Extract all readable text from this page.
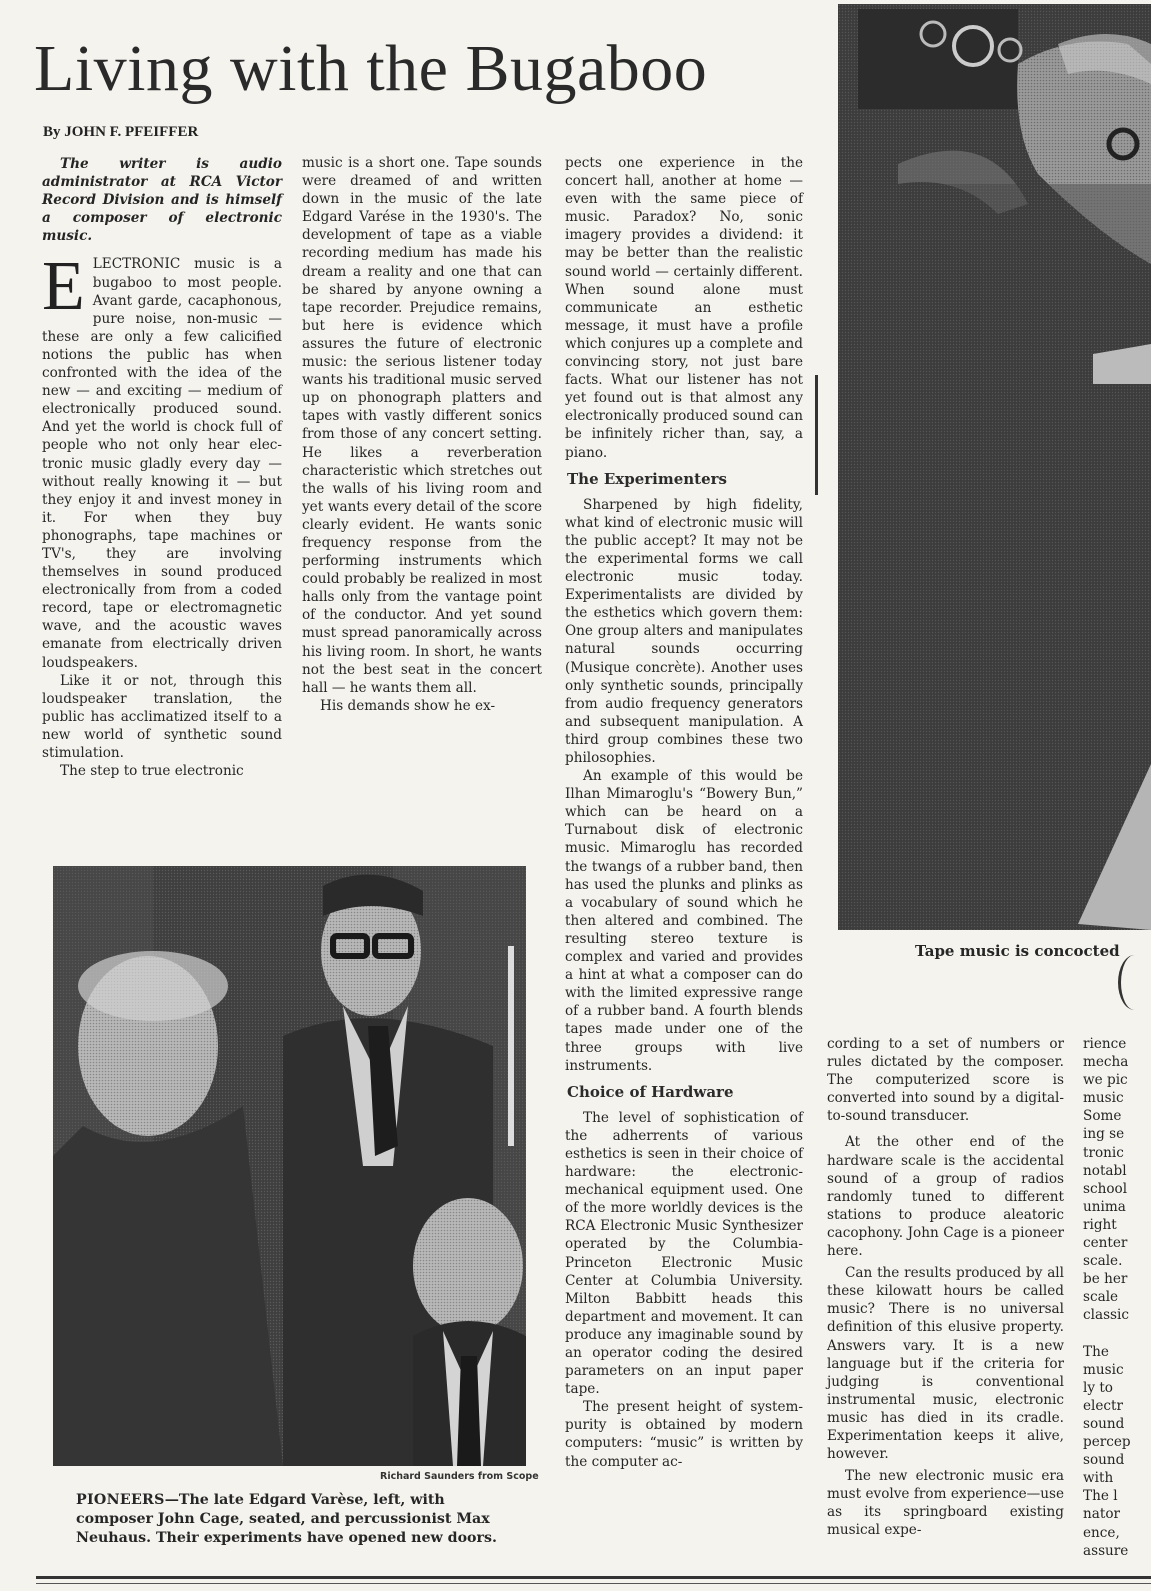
Living with the Bugaboo
By JOHN F. PFEIFFER

The writer is audio administrator at RCA Victor Record Division and is himself a composer of electronic music.

ELECTRONIC music is a bugaboo to most people. Avant garde, cacaphonous, pure noise, non-music — these are only a few calicified notions the public has when confronted with the idea of the new — and exciting — medium of electronically produced sound. And yet the world is chock full of people who not only hear electronic music gladly every day — without really knowing it — but they enjoy it and invest money in it. For when they buy phonographs, tape machines or TV's, they are involving themselves in sound produced electronically from from a coded record, tape or electromagnetic wave, and the acoustic waves emanate from electrically driven loudspeakers.

Like it or not, through this loudspeaker translation, the public has acclimatized itself to a new world of synthetic sound stimulation.

The step to true electronic

music is a short one. Tape sounds were dreamed of and written down in the music of the late Edgard Varése in the 1930's. The development of tape as a viable recording medium has made his dream a reality and one that can be shared by anyone owning a tape recorder. Prejudice remains, but here is evidence which assures the future of electronic music: the serious listener today wants his traditional music served up on phonograph platters and tapes with vastly different sonics from those of any concert setting. He likes a reverberation characteristic which stretches out the walls of his living room and yet wants every detail of the score clearly evident. He wants sonic frequency response from the performing instruments which could probably be realized in most halls only from the vantage point of the conductor. And yet sound must spread panoramically across his living room. In short, he wants not the best seat in the concert hall — he wants them all.

His demands show he ex-

pects one experience in the concert hall, another at home — even with the same piece of music. Paradox? No, sonic imagery provides a dividend: it may be better than the realistic sound world — certainly different. When sound alone must communicate an esthetic message, it must have a profile which conjures up a complete and convincing story, not just bare facts. What our listener has not yet found out is that almost any electronically produced sound can be infinitely richer than, say, a piano.

The Experimenters

Sharpened by high fidelity, what kind of electronic music will the public accept? It may not be the experimental forms we call electronic music today. Experimentalists are divided by the esthetics which govern them: One group alters and manipulates natural sounds occurring (Musique concrète). Another uses only synthetic sounds, principally from audio frequency generators and subsequent manipulation. A third group combines these two philosophies.

An example of this would be Ilhan Mimaroglu's “Bowery Bun,” which can be heard on a Turnabout disk of electronic music. Mimaroglu has recorded the twangs of a rubber band, then has used the plunks and plinks as a vocabulary of sound which he then altered and combined. The resulting stereo texture is complex and varied and provides a hint at what a composer can do with the limited expressive range of a rubber band. A fourth blends tapes made under one of the three groups with live instruments.

Choice of Hardware

The level of sophistication of the adherrents of various esthetics is seen in their choice of hardware: the electronic-mechanical equipment used. One of the more worldly devices is the RCA Electronic Music Synthesizer operated by the Columbia-Princeton Electronic Music Center at Columbia University. Milton Babbitt heads this department and movement. It can produce any imaginable sound by an operator coding the desired parameters on an input paper tape.

The present height of system-purity is obtained by modern computers: “music” is written by the computer ac-

cording to a set of numbers or rules dictated by the composer. The computerized score is converted into sound by a digital-to-sound transducer.

At the other end of the hardware scale is the accidental sound of a group of radios randomly tuned to different stations to produce aleatoric cacophony. John Cage is a pioneer here.

Can the results produced by all these kilowatt hours be called music? There is no universal definition of this elusive property. Answers vary. It is a new language but if the criteria for judging is conventional instrumental music, electronic music has died in its cradle. Experimentation keeps it alive, however.

The new electronic music era must evolve from experience—use as its springboard existing musical expe-

rience
mecha
we pic
music
Some
ing se
tronic
notabl
school
unima
right
center
scale.
be her
scale
classic
The
music
ly to
electr
sound
percep
sound
with
The l
nator
ence,
assure
Tape music is concocted
Richard Saunders from Scope
PIONEERS—The late Edgard Varèse, left, with composer John Cage, seated, and percussionist Max Neuhaus. Their experiments have opened new doors.
